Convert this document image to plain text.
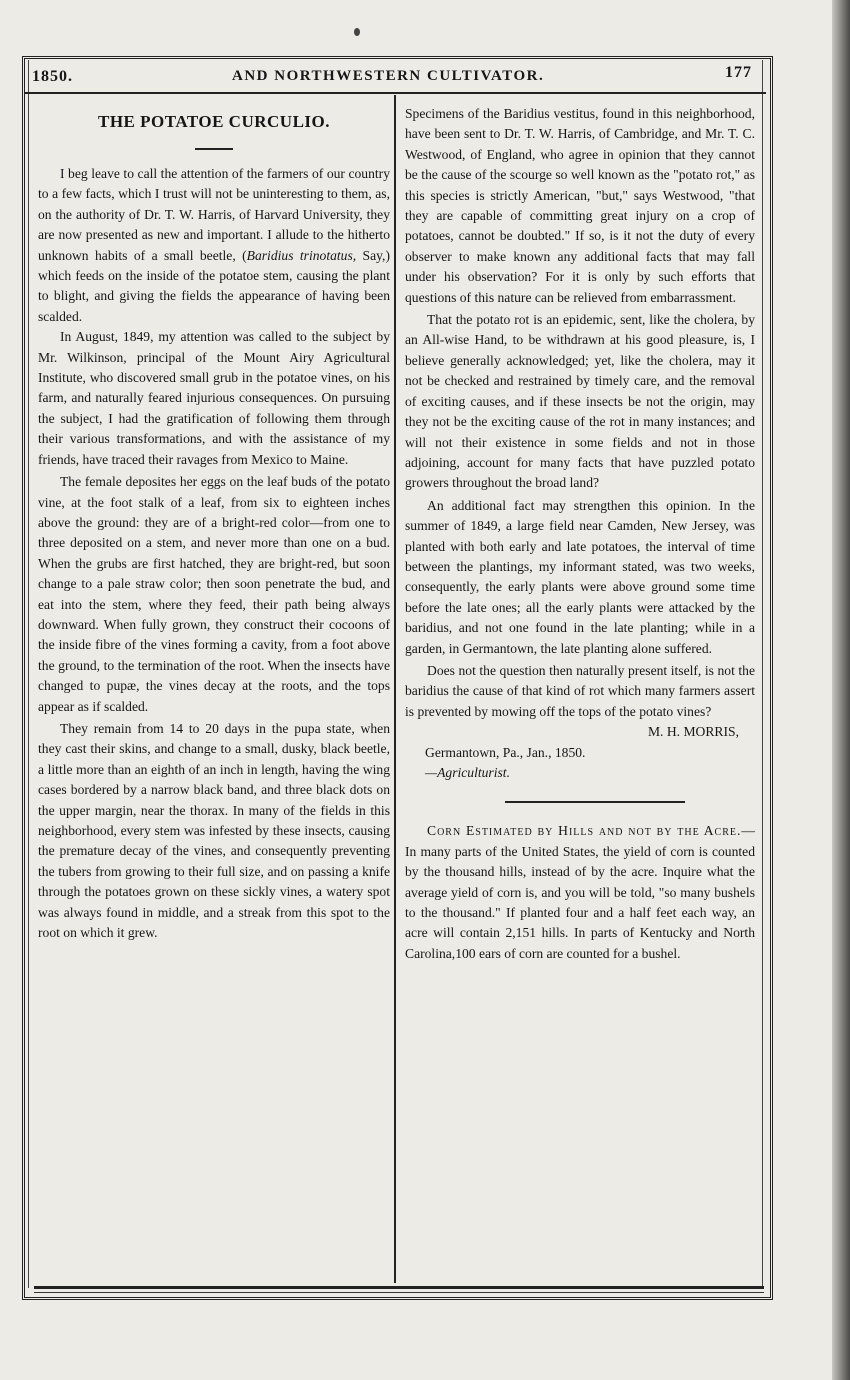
1850.	AND NORTHWESTERN CULTIVATOR.	177
THE POTATOE CURCULIO.

I beg leave to call the attention of the farmers of our country to a few facts, which I trust will not be uninteresting to them, as, on the authority of Dr. T. W. Harris, of Harvard University, they are now presented as new and important. I allude to the hitherto unknown habits of a small beetle, (Baridius trinotatus, Say,) which feeds on the inside of the potatoe stem, causing the plant to blight, and giving the fields the appearance of having been scalded.

In August, 1849, my attention was called to the subject by Mr. Wilkinson, principal of the Mount Airy Agricultural Institute, who discovered small grub in the potatoe vines, on his farm, and naturally feared injurious consequences. On pursuing the subject, I had the gratification of following them through their various transformations, and with the assistance of my friends, have traced their ravages from Mexico to Maine.

The female deposites her eggs on the leaf buds of the potato vine, at the foot stalk of a leaf, from six to eighteen inches above the ground: they are of a bright-red color—from one to three deposited on a stem, and never more than one on a bud. When the grubs are first hatched, they are bright-red, but soon change to a pale straw color; then soon penetrate the bud, and eat into the stem, where they feed, their path being always downward. When fully grown, they construct their cocoons of the inside fibre of the vines forming a cavity, from a foot above the ground, to the termination of the root. When the insects have changed to pupæ, the vines decay at the roots, and the tops appear as if scalded.

They remain from 14 to 20 days in the pupa state, when they cast their skins, and change to a small, dusky, black beetle, a little more than an eighth of an inch in length, having the wing cases bordered by a narrow black band, and three black dots on the upper margin, near the thorax. In many of the fields in this neighborhood, every stem was infested by these insects, causing the premature decay of the vines, and consequently preventing the tubers from growing to their full size, and on passing a knife through the potatoes grown on these sickly vines, a watery spot was always found in middle, and a streak from this spot to the root on which it grew.

Specimens of the Baridius vestitus, found in this neighborhood, have been sent to Dr. T. W. Harris, of Cambridge, and Mr. T. C. Westwood, of England, who agree in opinion that they cannot be the cause of the scourge so well known as the "potato rot," as this species is strictly American, "but," says Westwood, "that they are capable of committing great injury on a crop of potatoes, cannot be doubted." If so, is it not the duty of every observer to make known any additional facts that may fall under his observation? For it is only by such efforts that questions of this nature can be relieved from embarrassment.

That the potato rot is an epidemic, sent, like the cholera, by an All-wise Hand, to be withdrawn at his good pleasure, is, I believe generally acknowledged; yet, like the cholera, may it not be checked and restrained by timely care, and the removal of exciting causes, and if these insects be not the origin, may they not be the exciting cause of the rot in many instances; and will not their existence in some fields and not in those adjoining, account for many facts that have puzzled potato growers throughout the broad land?

An additional fact may strengthen this opinion. In the summer of 1849, a large field near Camden, New Jersey, was planted with both early and late potatoes, the interval of time between the plantings, my informant stated, was two weeks, consequently, the early plants were above ground some time before the late ones; all the early plants were attacked by the baridius, and not one found in the late planting; while in a garden, in Germantown, the late planting alone suffered.

Does not the question then naturally present itself, is not the baridius the cause of that kind of rot which many farmers assert is prevented by mowing off the tops of the potato vines?

M. H. MORRIS,

Germantown, Pa., Jan., 1850.

—Agriculturist.

Corn Estimated by Hills and not by the Acre.—In many parts of the United States, the yield of corn is counted by the thousand hills, instead of by the acre. Inquire what the average yield of corn is, and you will be told, "so many bushels to the thousand." If planted four and a half feet each way, an acre will contain 2,151 hills. In parts of Kentucky and North Carolina,100 ears of corn are counted for a bushel.
